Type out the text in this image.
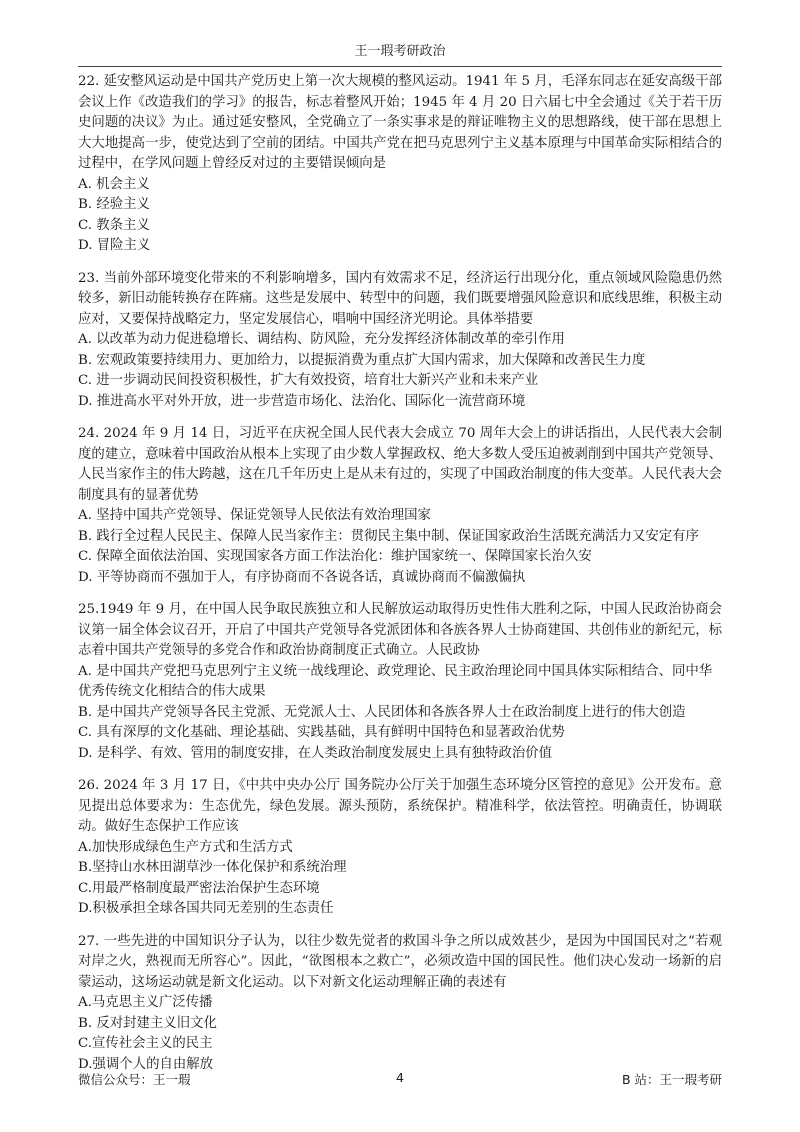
王一瑕考研政治

22. 延安整风运动是中国共产党历史上第一次大规模的整风运动。1941 年 5 月，毛泽东同志在延安高级干部会议上作《改造我们的学习》的报告，标志着整风开始；1945 年 4 月 20 日六届七中全会通过《关于若干历史问题的决议》为止。通过延安整风，全党确立了一条实事求是的辩证唯物主义的思想路线，使干部在思想上大大地提高一步，使党达到了空前的团结。中国共产党在把马克思列宁主义基本原理与中国革命实际相结合的过程中，在学风问题上曾经反对过的主要错误倾向是

A. 机会主义

B. 经验主义

C. 教条主义

D. 冒险主义

23. 当前外部环境变化带来的不利影响增多，国内有效需求不足，经济运行出现分化，重点领域风险隐患仍然较多，新旧动能转换存在阵痛。这些是发展中、转型中的问题，我们既要增强风险意识和底线思维，积极主动应对，又要保持战略定力，坚定发展信心，唱响中国经济光明论。具体举措要

A. 以改革为动力促进稳增长、调结构、防风险，充分发挥经济体制改革的牵引作用

B. 宏观政策要持续用力、更加给力，以提振消费为重点扩大国内需求，加大保障和改善民生力度

C. 进一步调动民间投资积极性，扩大有效投资，培育壮大新兴产业和未来产业

D. 推进高水平对外开放，进一步营造市场化、法治化、国际化一流营商环境

24. 2024 年 9 月 14 日，习近平在庆祝全国人民代表大会成立 70 周年大会上的讲话指出，人民代表大会制度的建立，意味着中国政治从根本上实现了由少数人掌握政权、绝大多数人受压迫被剥削到中国共产党领导、人民当家作主的伟大跨越，这在几千年历史上是从未有过的，实现了中国政治制度的伟大变革。人民代表大会制度具有的显著优势

A. 坚持中国共产党领导、保证党领导人民依法有效治理国家

B. 践行全过程人民民主、保障人民当家作主：贯彻民主集中制、保证国家政治生活既充满活力又安定有序

C. 保障全面依法治国、实现国家各方面工作法治化：维护国家统一、保障国家长治久安

D. 平等协商而不强加于人，有序协商而不各说各话，真诚协商而不偏激偏执

25.1949 年 9 月，在中国人民争取民族独立和人民解放运动取得历史性伟大胜利之际，中国人民政治协商会议第一届全体会议召开，开启了中国共产党领导各党派团体和各族各界人士协商建国、共创伟业的新纪元，标志着中国共产党领导的多党合作和政治协商制度正式确立。人民政协

A. 是中国共产党把马克思列宁主义统一战线理论、政党理论、民主政治理论同中国具体实际相结合、同中华优秀传统文化相结合的伟大成果

B. 是中国共产党领导各民主党派、无党派人士、人民团体和各族各界人士在政治制度上进行的伟大创造

C. 具有深厚的文化基础、理论基础、实践基础，具有鲜明中国特色和显著政治优势

D. 是科学、有效、管用的制度安排，在人类政治制度发展史上具有独特政治价值

26. 2024 年 3 月 17 日，《中共中央办公厅 国务院办公厅关于加强生态环境分区管控的意见》公开发布。意见提出总体要求为：生态优先，绿色发展。源头预防，系统保护。精准科学，依法管控。明确责任，协调联动。做好生态保护工作应该

A.加快形成绿色生产方式和生活方式

B.坚持山水林田湖草沙一体化保护和系统治理

C.用最严格制度最严密法治保护生态环境

D.积极承担全球各国共同无差别的生态责任

27. 一些先进的中国知识分子认为，以往少数先觉者的救国斗争之所以成效甚少，是因为中国国民对之“若观对岸之火，熟视而无所容心”。因此，“欲图根本之救亡”，必须改造中国的国民性。他们决心发动一场新的启蒙运动，这场运动就是新文化运动。以下对新文化运动理解正确的表述有

A.马克思主义广泛传播

B. 反对封建主义旧文化

C.宣传社会主义的民主

D.强调个人的自由解放

微信公众号：王一瑕	4	B 站：王一瑕考研
